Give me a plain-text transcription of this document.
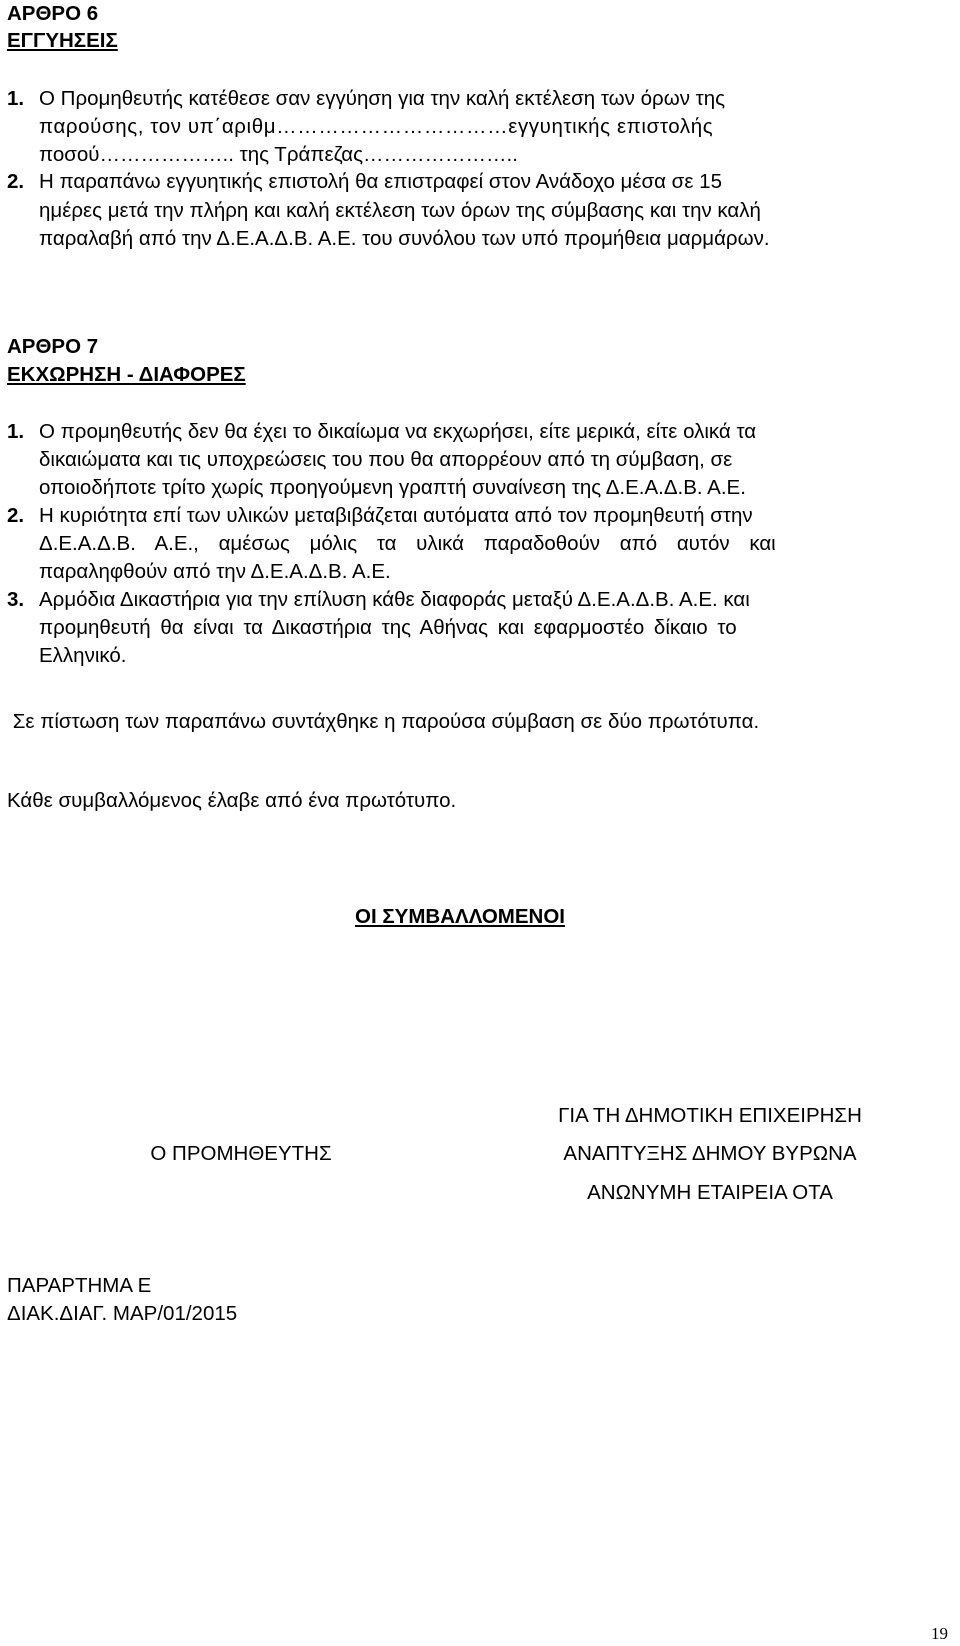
ΑΡΘΡΟ 6
ΕΓΓΥΗΣΕΙΣ
1. Ο Προμηθευτής κατέθεσε σαν εγγύηση για την καλή εκτέλεση των όρων της
παρούσης, τον υπ΄αριθμ……………………………εγγυητικής επιστολής
ποσού……………….. της Τράπεζας…………………..
2. Η παραπάνω εγγυητικής επιστολή θα επιστραφεί στον Ανάδοχο μέσα σε 15
ημέρες μετά την πλήρη και καλή εκτέλεση των όρων της σύμβασης και την καλή
παραλαβή από την Δ.Ε.Α.Δ.Β. Α.Ε. του συνόλου των υπό προμήθεια μαρμάρων.
ΑΡΘΡΟ 7
ΕΚΧΩΡΗΣΗ - ΔΙΑΦΟΡΕΣ
1. Ο προμηθευτής δεν θα έχει το δικαίωμα να εκχωρήσει, είτε μερικά, είτε ολικά τα
δικαιώματα και τις υποχρεώσεις του που θα απορρέουν από τη σύμβαση, σε
οποιοδήποτε τρίτο χωρίς προηγούμενη γραπτή συναίνεση της Δ.Ε.Α.Δ.Β. Α.Ε.
2. Η κυριότητα επί των υλικών μεταβιβάζεται αυτόματα από τον προμηθευτή στην
Δ.Ε.Α.Δ.Β. Α.Ε., αμέσως μόλις τα υλικά παραδοθούν από αυτόν και
παραληφθούν από την Δ.Ε.Α.Δ.Β. Α.Ε.
3. Αρμόδια Δικαστήρια για την επίλυση κάθε διαφοράς μεταξύ Δ.Ε.Α.Δ.Β. Α.Ε. και
προμηθευτή θα είναι τα Δικαστήρια της Αθήνας και εφαρμοστέο δίκαιο το
Ελληνικό.
Σε πίστωση των παραπάνω συντάχθηκε η παρούσα σύμβαση σε δύο πρωτότυπα.
Κάθε συμβαλλόμενος έλαβε από ένα πρωτότυπο.
ΟΙ ΣΥΜΒΑΛΛΟΜΕΝΟΙ
Ο ΠΡΟΜΗΘΕΥΤΗΣ
ΓΙΑ ΤΗ ΔΗΜΟΤΙΚΗ ΕΠΙΧΕΙΡΗΣΗ
ΑΝΑΠΤΥΞΗΣ ΔΗΜΟΥ ΒΥΡΩΝΑ
ΑΝΩΝΥΜΗ ΕΤΑΙΡΕΙΑ ΟΤΑ
ΠΑΡΑΡΤΗΜΑ Ε
ΔΙΑΚ.ΔΙΑΓ. ΜΑΡ/01/2015
19
